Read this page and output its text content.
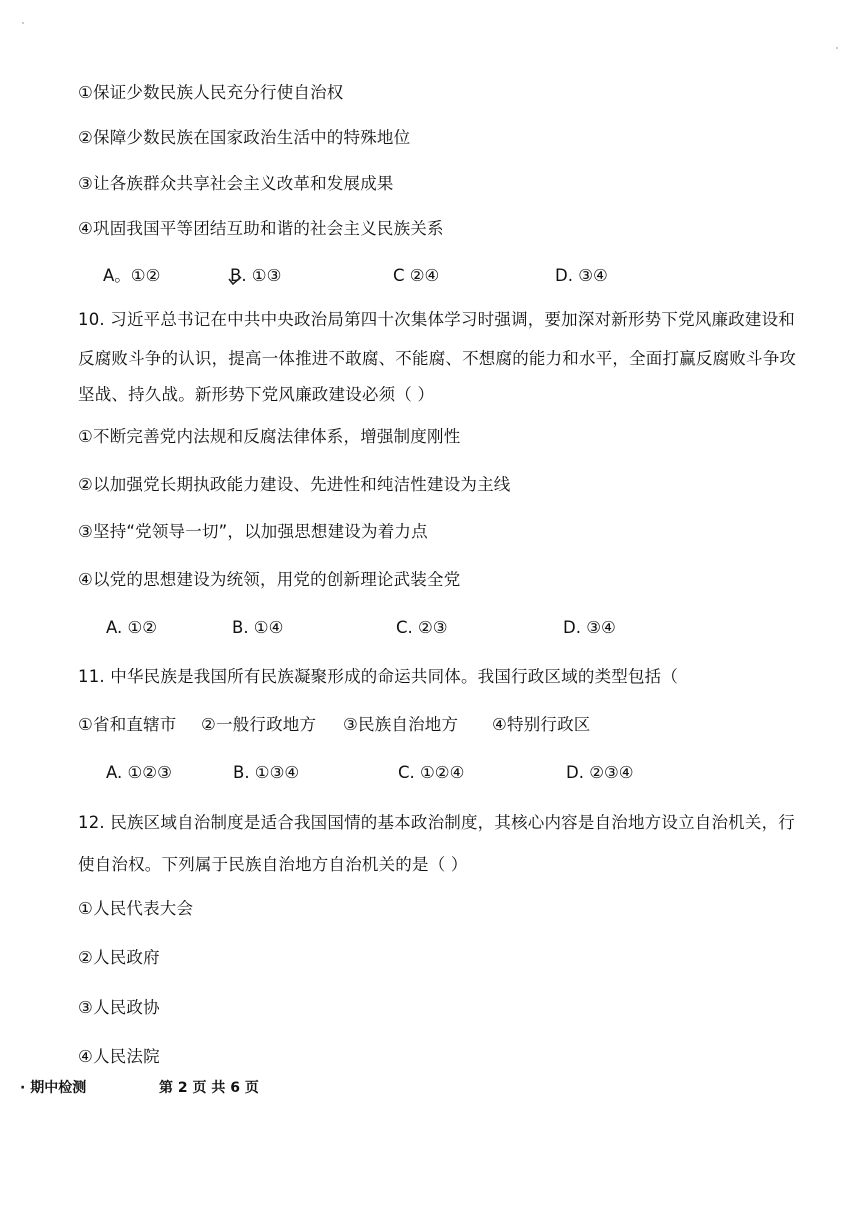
①保证少数民族人民充分行使自治权
②保障少数民族在国家政治生活中的特殊地位
③让各族群众共享社会主义改革和发展成果
④巩固我国平等团结互助和谐的社会主义民族关系
A。①②	B. ①③	C ②④	D. ③④
10. 习近平总书记在中共中央政治局第四十次集体学习时强调，要加深对新形势下党风廉政建设和
反腐败斗争的认识，提高一体推进不敢腐、不能腐、不想腐的能力和水平，全面打赢反腐败斗争攻
坚战、持久战。新形势下党风廉政建设必须（ ）
①不断完善党内法规和反腐法律体系，增强制度刚性
②以加强党长期执政能力建设、先进性和纯洁性建设为主线
③坚持“党领导一切”，以加强思想建设为着力点
④以党的思想建设为统领，用党的创新理论武装全党
A. ①②	B. ①④	C. ②③	D. ③④
11. 中华民族是我国所有民族凝聚形成的命运共同体。我国行政区域的类型包括（
①省和直辖市 ②一般行政地方 ③民族自治地方 ④特别行政区
A. ①②③	B. ①③④	C. ①②④	D. ②③④
12. 民族区域自治制度是适合我国国情的基本政治制度，其核心内容是自治地方设立自治机关，行
使自治权。下列属于民族自治地方自治机关的是（ ）
①人民代表大会
②人民政府
③人民政协
④人民法院
· 期中检测	第 2 页 共 6 页
